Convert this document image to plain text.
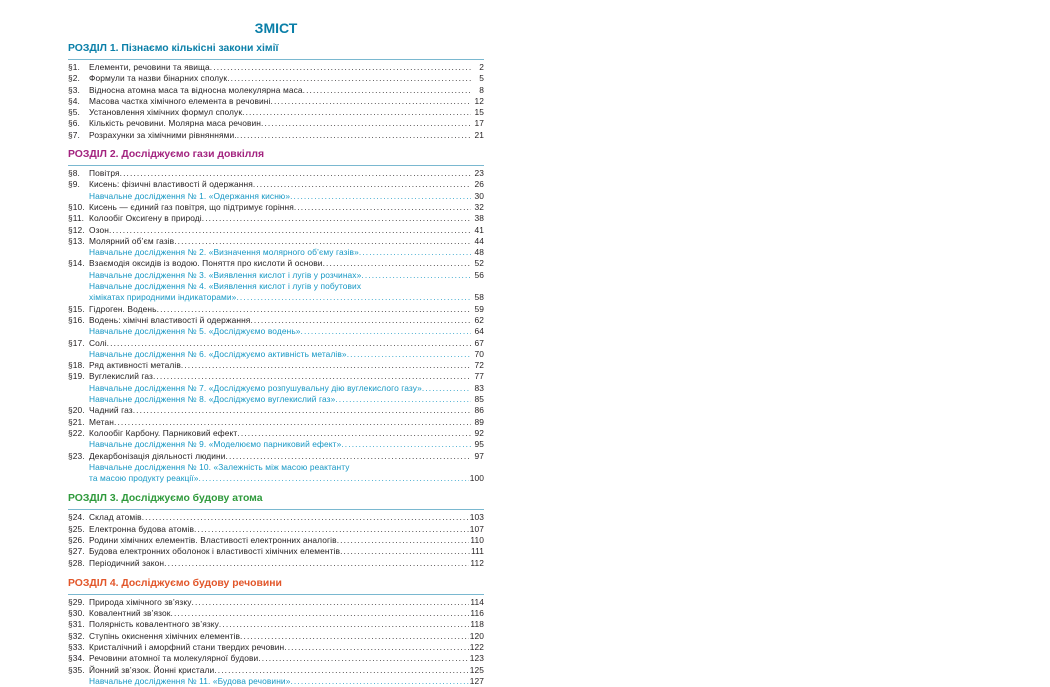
ЗМІСТ
РОЗДІЛ 1. Пізнаємо кількісні закони хімії
§1.	Елементи, речовини та явища . . .	2
§2.	Формули та назви бінарних сполук . . .	5
§3.	Відносна атомна маса та відносна молекулярна маса . . .	8
§4.	Масова частка хімічного елемента в речовині . . .	12
§5.	Установлення хімічних формул сполук . . .	15
§6.	Кількість речовини. Молярна маса речовин . . .	17
§7.	Розрахунки за хімічними рівняннями. . . .	21
РОЗДІЛ 2. Досліджуємо гази довкілля
§8.	Повітря . . .	23
§9.	Кисень: фізичні властивості й одержання . . .	26
Навчальне дослідження № 1. «Одержання кисню» . . .	30
§10. Кисень — єдиний газ повітря, що підтримує горіння . . .	32
§11. Колообіг Оксигену в природі . . .	38
§12. Озон . . .	41
§13. Молярний об’єм газів . . .	44
Навчальне дослідження № 2. «Визначення молярного об’єму газів» . . .	48
§14. Взаємодія оксидів із водою. Поняття про кислоти й основи . . .	52
Навчальне дослідження № 3. «Виявлення кислот і лугів у розчинах» . . .	56
Навчальне дослідження № 4. «Виявлення кислот і лугів у побутових
хімікатах природними індикаторами» . . .	58
§15. Гідроген. Водень . . .	59
§16. Водень: хімічні властивості й одержання . . .	62
Навчальне дослідження № 5. «Досліджуємо водень» . . .	64
§17. Солі . . .	67
Навчальне дослідження № 6. «Досліджуємо активність металів» . . .	70
§18. Ряд активності металів . . .	72
§19. Вуглекислий газ . . .	77
Навчальне дослідження № 7. «Досліджуємо розпушувальну дію вуглекислого газу» . . .	83
Навчальне дослідження № 8. «Досліджуємо вуглекислий газ» . . .	85
§20. Чадний газ . . .	86
§21. Метан . . .	89
§22. Колообіг Карбону. Парниковий ефект . . .	92
Навчальне дослідження № 9. «Моделюємо парниковий ефект» . . .	95
§23. Декарбонізація діяльності людини . . .	97
Навчальне дослідження № 10. «Залежність між масою реактанту
та масою продукту реакції» . . .	100
РОЗДІЛ 3. Досліджуємо будову атома
§24. Склад атомів . . .	103
§25. Електронна будова атомів . . .	107
§26. Родини хімічних елементів. Властивості електронних аналогів . . .	110
§27. Будова електронних оболонок і властивості хімічних елементів . . .	111
§28. Періодичний закон . . .	112
РОЗДІЛ 4. Досліджуємо будову речовини
§29. Природа хімічного зв’язку . . .	114
§30. Ковалентний зв’язок . . .	116
§31. Полярність ковалентного зв’язку . . .	118
§32. Ступінь окиснення хімічних елементів . . .	120
§33. Кристалічний і аморфний стани твердих речовин . . .	122
§34. Речовини атомної та молекулярної будови . . .	123
§35. Йонний зв’язок. Йонні кристали . . .	125
Навчальне дослідження № 11. «Будова речовини» . . .	127
